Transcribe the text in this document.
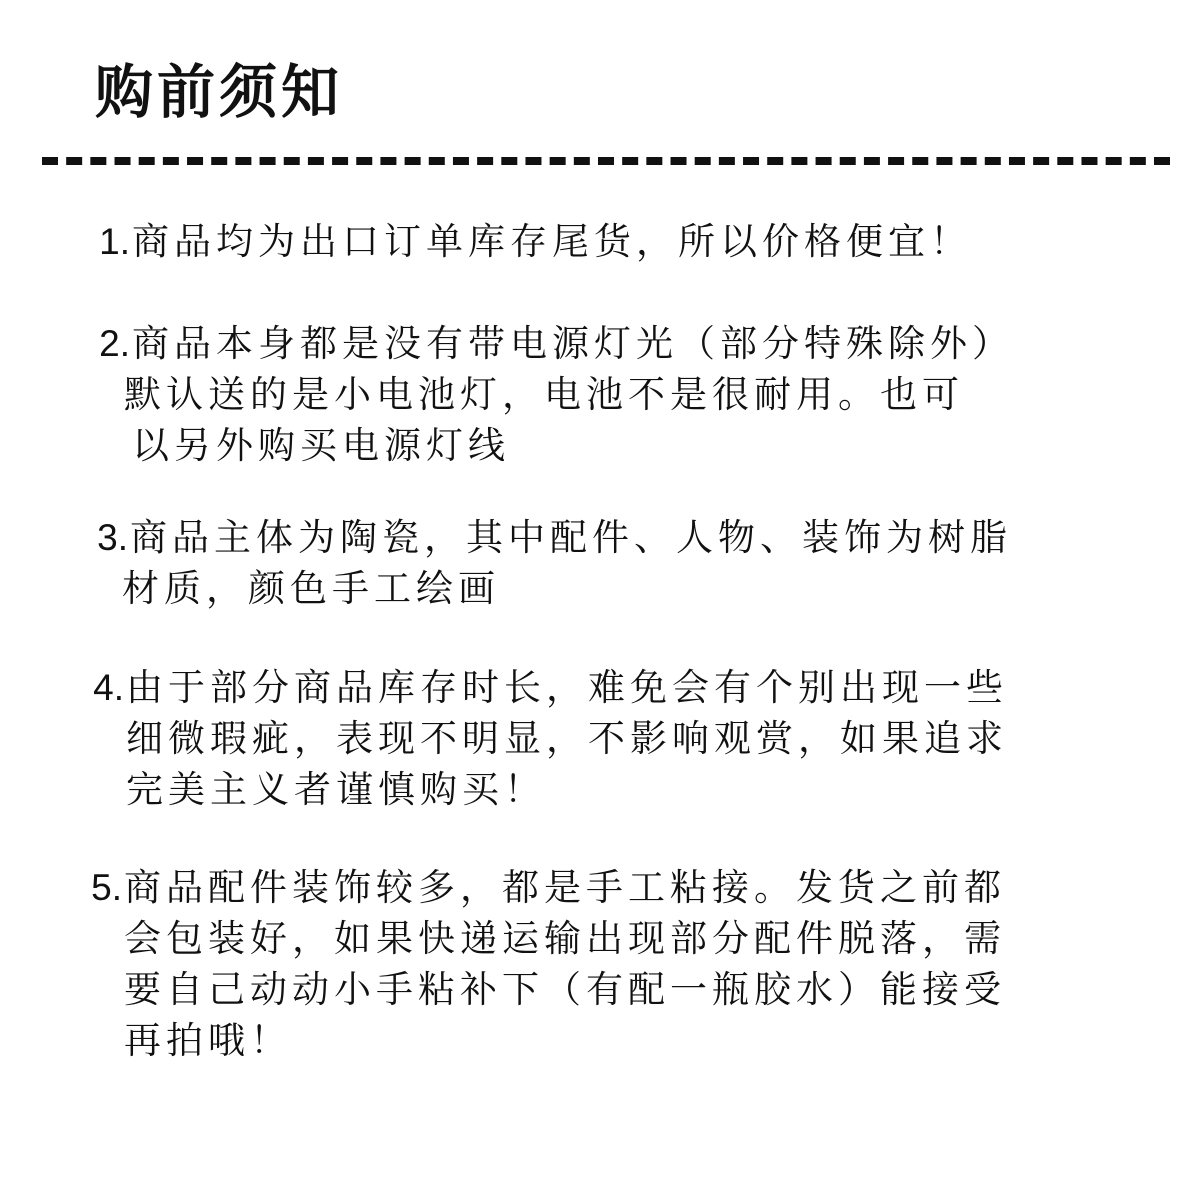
购前须知
1. 商品均为出口订单库存尾货，所以价格便宜！
2. 商品本身都是没有带电源灯光（部分特殊除外）
默认送的是小电池灯，电池不是很耐用。也可
以另外购买电源灯线
3. 商品主体为陶瓷，其中配件、人物、装饰为树脂
材质，颜色手工绘画
4. 由于部分商品库存时长，难免会有个别出现一些
细微瑕疵，表现不明显，不影响观赏，如果追求
完美主义者谨慎购买！
5. 商品配件装饰较多，都是手工粘接。发货之前都
会包装好，如果快递运输出现部分配件脱落，需
要自己动动小手粘补下（有配一瓶胶水）能接受
再拍哦！
